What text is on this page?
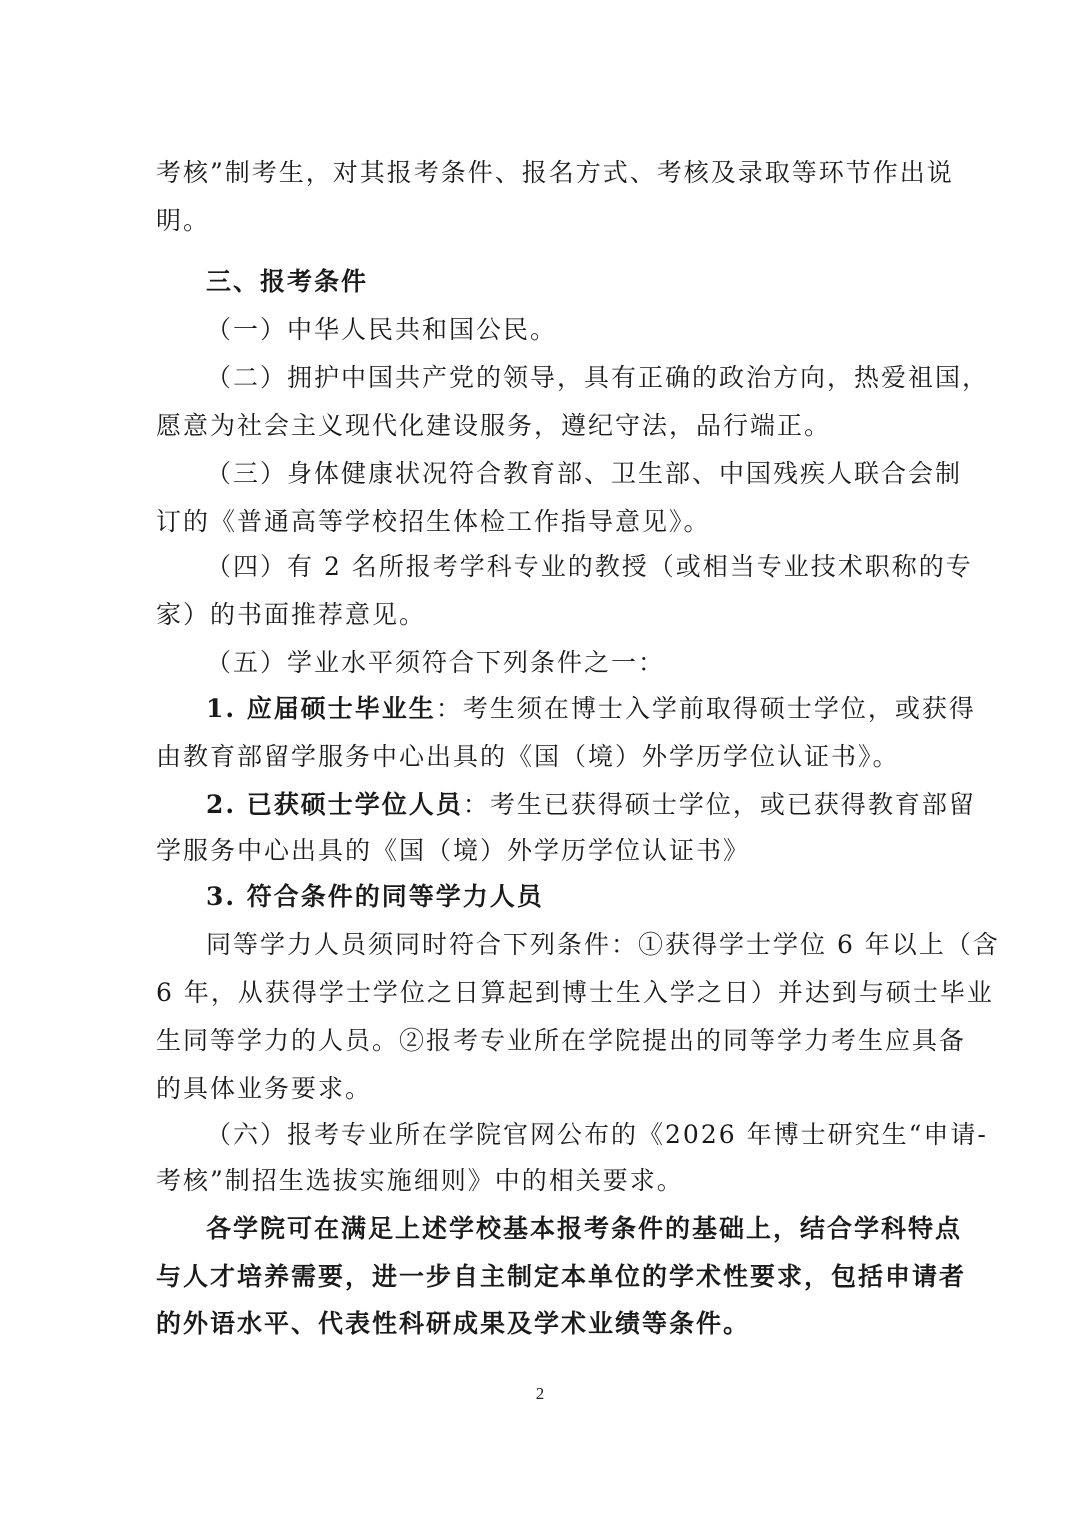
考核”制考生，对其报考条件、报名方式、考核及录取等环节作出说
明。
三、报考条件
（一）中华人民共和国公民。
（二）拥护中国共产党的领导，具有正确的政治方向，热爱祖国，
愿意为社会主义现代化建设服务，遵纪守法，品行端正。
（三）身体健康状况符合教育部、卫生部、中国残疾人联合会制
订的《普通高等学校招生体检工作指导意见》。
（四）有 2 名所报考学科专业的教授（或相当专业技术职称的专
家）的书面推荐意见。
（五）学业水平须符合下列条件之一：
1. 应届硕士毕业生：考生须在博士入学前取得硕士学位，或获得
由教育部留学服务中心出具的《国（境）外学历学位认证书》。
2. 已获硕士学位人员：考生已获得硕士学位，或已获得教育部留
学服务中心出具的《国（境）外学历学位认证书》
3. 符合条件的同等学力人员
同等学力人员须同时符合下列条件：①获得学士学位 6 年以上（含
6 年，从获得学士学位之日算起到博士生入学之日）并达到与硕士毕业
生同等学力的人员。②报考专业所在学院提出的同等学力考生应具备
的具体业务要求。
（六）报考专业所在学院官网公布的《2026 年博士研究生“申请-
考核”制招生选拔实施细则》中的相关要求。
各学院可在满足上述学校基本报考条件的基础上，结合学科特点
与人才培养需要，进一步自主制定本单位的学术性要求，包括申请者
的外语水平、代表性科研成果及学术业绩等条件。
2
